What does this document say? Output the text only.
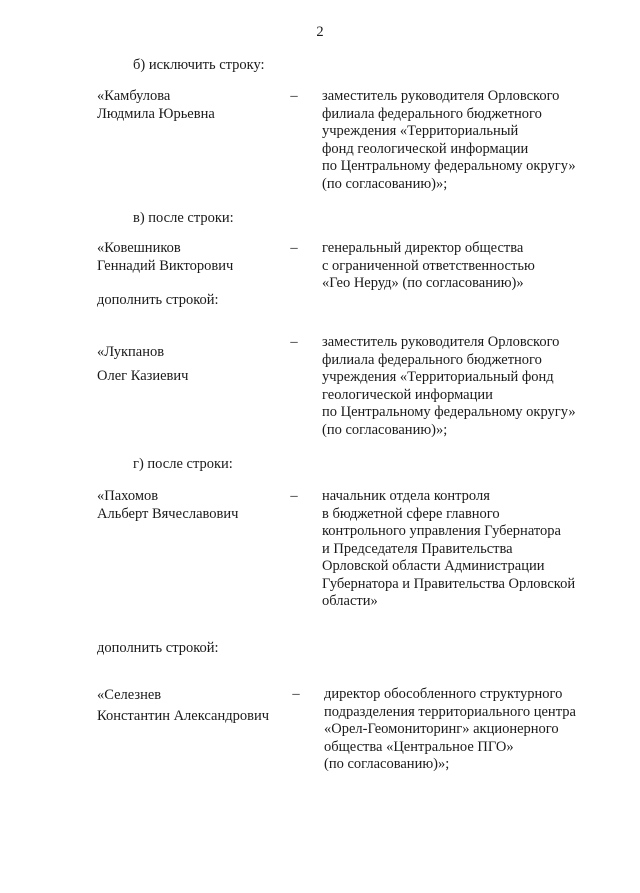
2
б) исключить строку:
«Камбулова
Людмила Юрьевна
– заместитель руководителя Орловского
филиала федерального бюджетного
учреждения «Территориальный
фонд геологической информации
по Центральному федеральному округу»
(по согласованию)»;
в) после строки:
«Ковешников
Геннадий Викторович
– генеральный директор общества
с ограниченной ответственностью
«Гео Неруд» (по согласованию)»
дополнить строкой:
«Лукпанов
Олег Казиевич
– заместитель руководителя Орловского
филиала федерального бюджетного
учреждения «Территориальный фонд
геологической информации
по Центральному федеральному округу»
(по согласованию)»;
г) после строки:
«Пахомов
Альберт Вячеславович
– начальник отдела контроля
в бюджетной сфере главного
контрольного управления Губернатора
и Председателя Правительства
Орловской области Администрации
Губернатора и Правительства Орловской
области»
дополнить строкой:
«Селезнев
Константин Александрович
– директор обособленного структурного
подразделения территориального центра
«Орел-Геомониторинг» акционерного
общества «Центральное ПГО»
(по согласованию)»;
